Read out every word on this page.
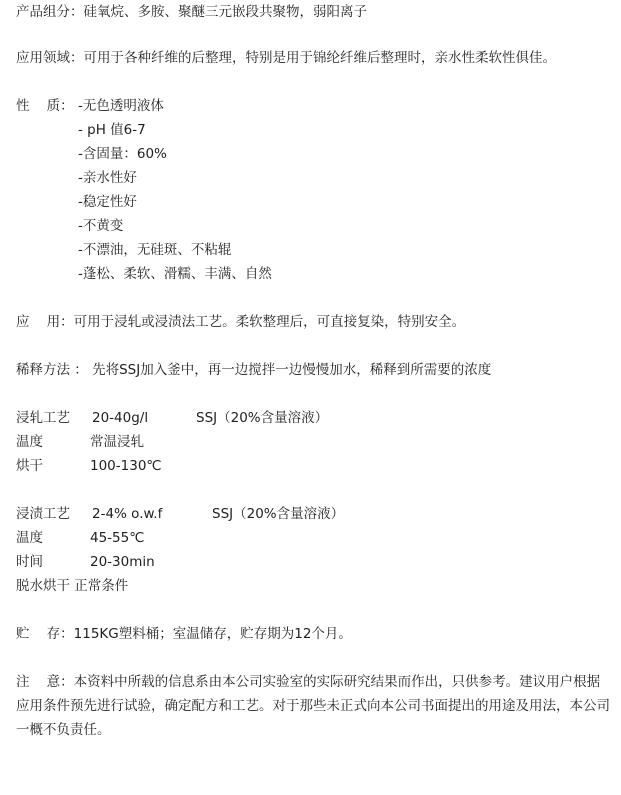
产品组分：硅氧烷、多胺、聚醚三元嵌段共聚物，弱阳离子
应用领域：可用于各种纤维的后整理，特别是用于锦纶纤维后整理时，亲水性柔软性俱佳。
性    质： -无色透明液体
- pH 值6-7
-含固量：60%
-亲水性好
-稳定性好
-不黄变
-不漂油，无硅斑、不粘辊
-蓬松、柔软、滑糯、丰满、自然
应    用：可用于浸轧或浸渍法工艺。柔软整理后，可直接复染，特别安全。
稀释方法 ： 先将SSJ加入釜中，再一边搅拌一边慢慢加水，稀释到所需要的浓度
浸轧工艺 20-40g/l	SSJ（20%含量溶液）
温度	常温浸轧
烘干	100-130℃
浸渍工艺 2-4% o.w.f	SSJ（20%含量溶液）
温度	45-55℃
时间	20-30min
脱水烘干 正常条件
贮    存：115KG塑料桶；室温储存，贮存期为12个月。
注    意：本资料中所载的信息系由本公司实验室的实际研究结果而作出，只供参考。建议用户根据应用条件预先进行试验，确定配方和工艺。对于那些未正式向本公司书面提出的用途及用法，本公司一概不负责任。
